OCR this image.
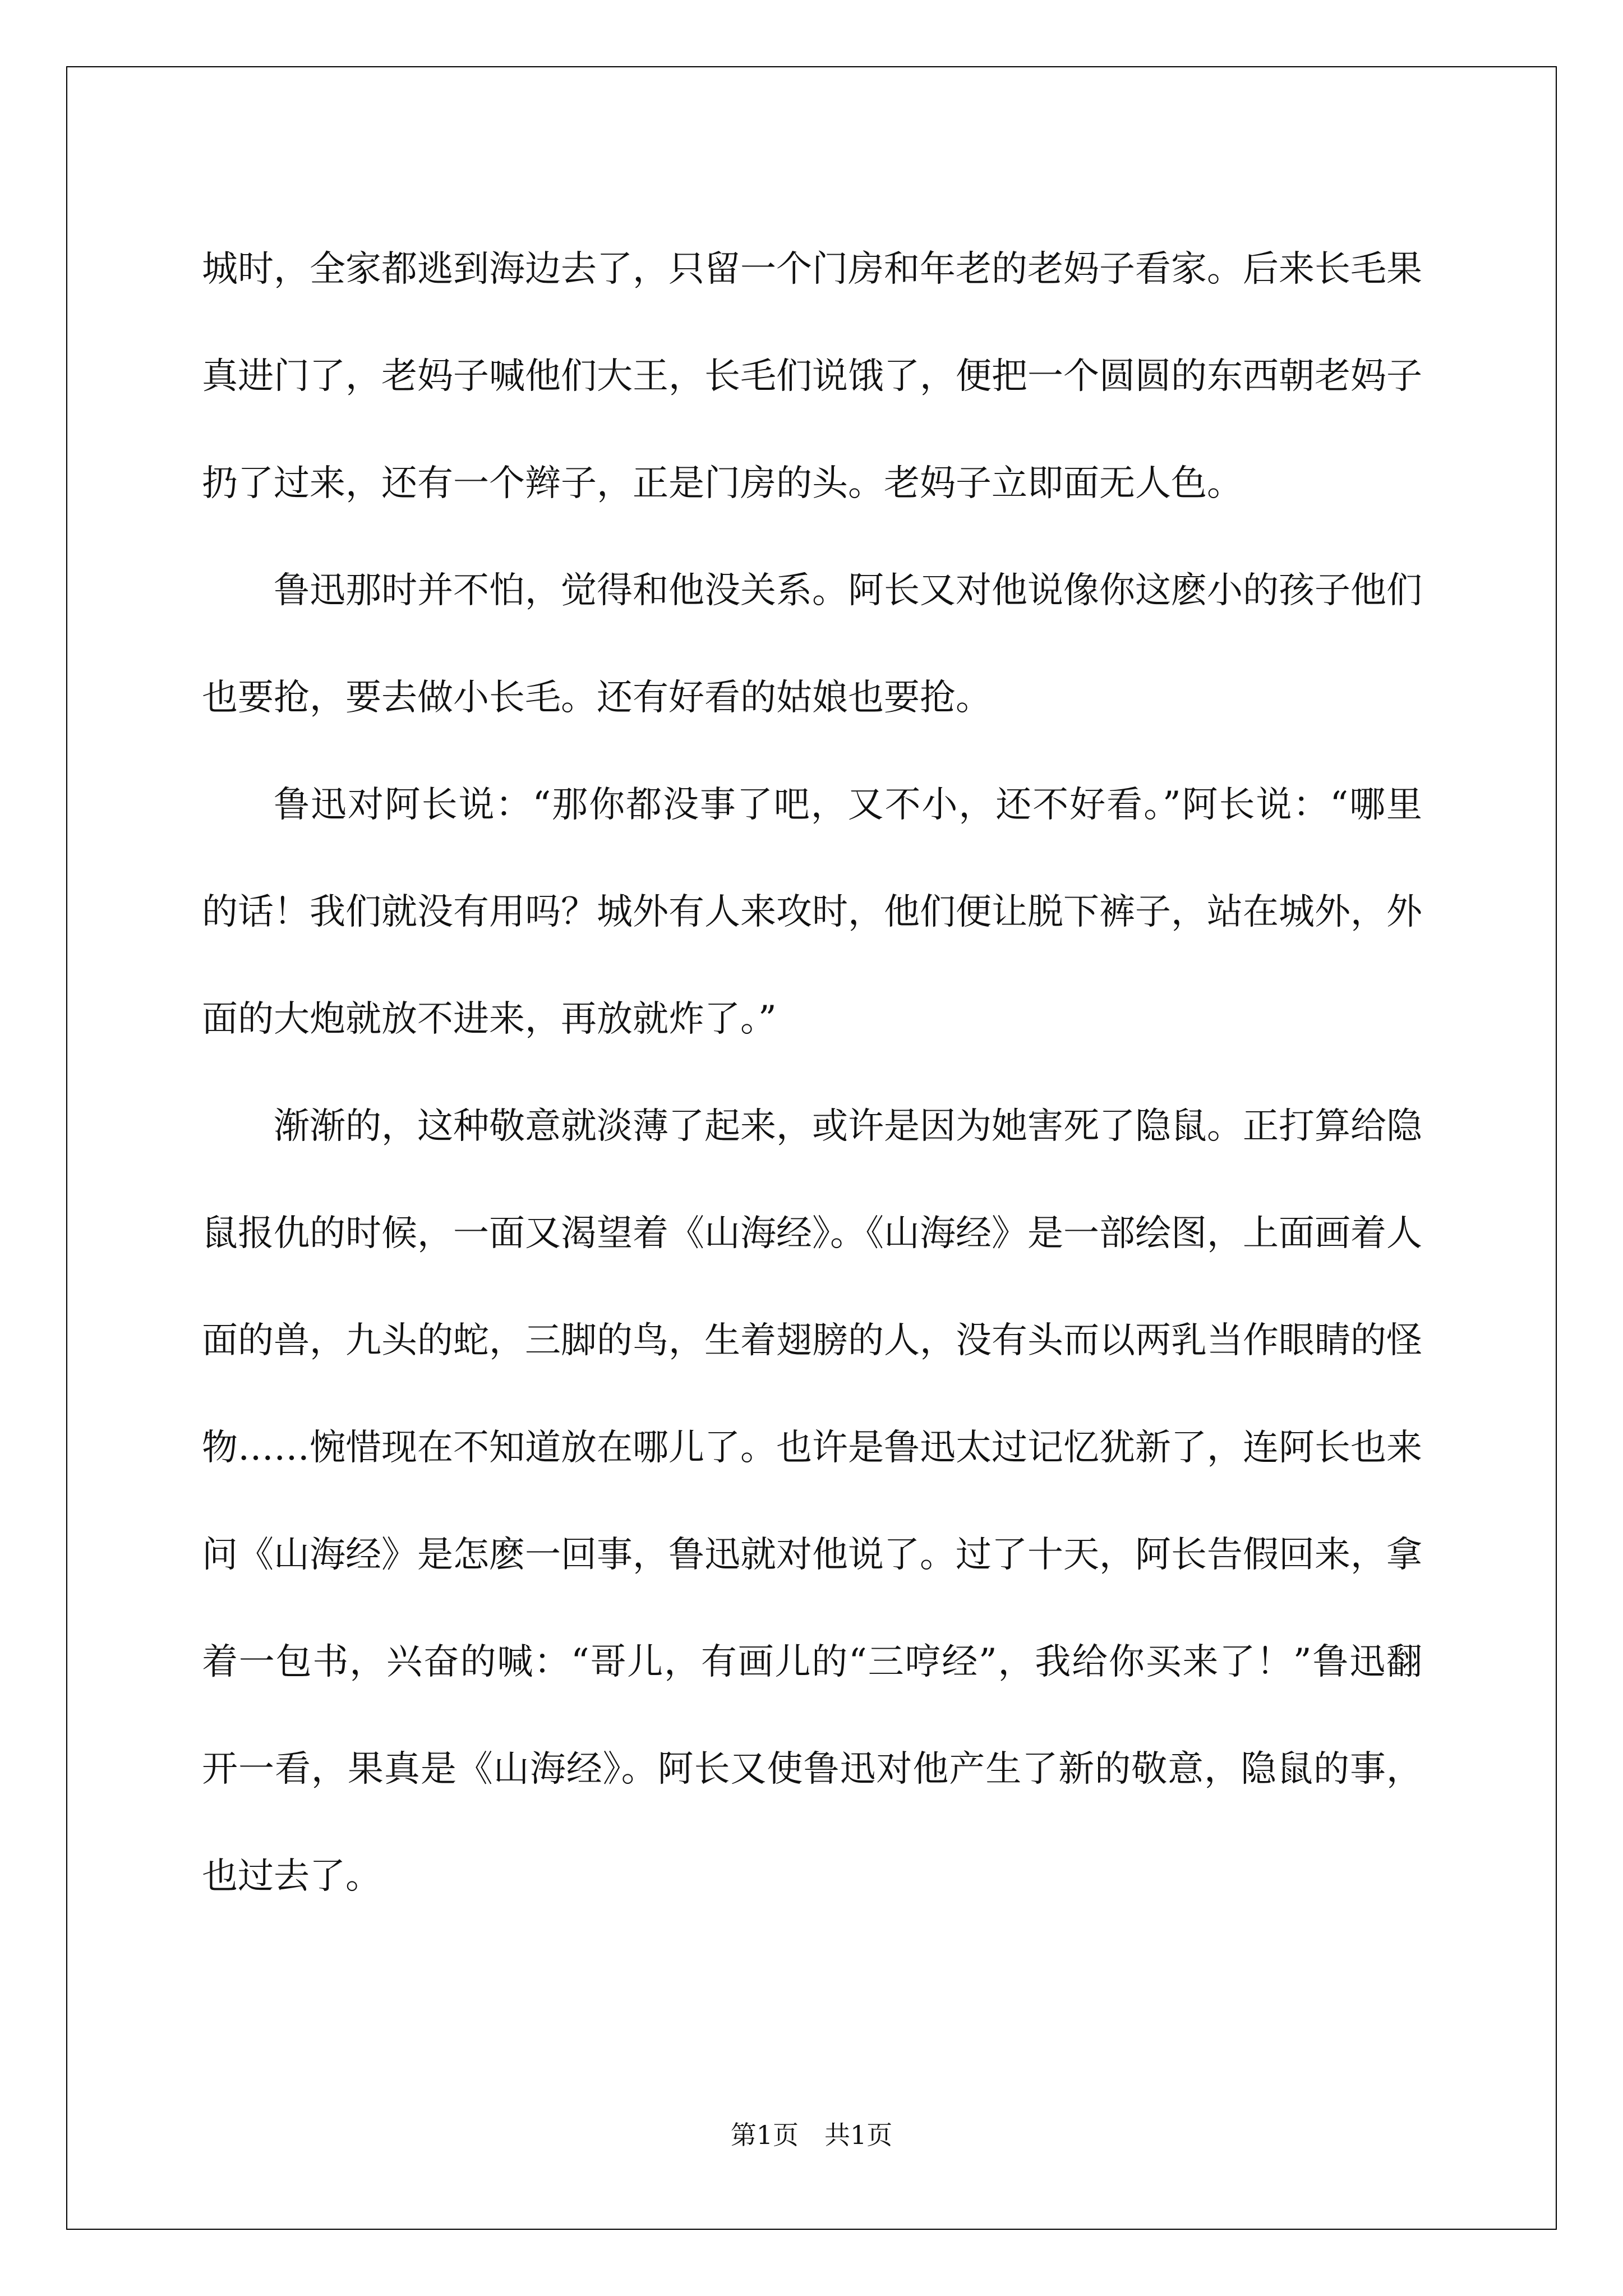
城时，全家都逃到海边去了，只留一个门房和年老的老妈子看家。后来长毛果真进门了，老妈子喊他们大王，长毛们说饿了，便把一个圆圆的东西朝老妈子扔了过来，还有一个辫子，正是门房的头。老妈子立即面无人色。

鲁迅那时并不怕，觉得和他没关系。阿长又对他说像你这麽小的孩子他们也要抢，要去做小长毛。还有好看的姑娘也要抢。

鲁迅对阿长说：“那你都没事了吧，又不小，还不好看。”阿长说：“哪里的话！我们就没有用吗？城外有人来攻时，他们便让脱下裤子，站在城外，外面的大炮就放不进来，再放就炸了。”

渐渐的，这种敬意就淡薄了起来，或许是因为她害死了隐鼠。正打算给隐鼠报仇的时候，一面又渴望着《山海经》。《山海经》是一部绘图，上面画着人面的兽，九头的蛇，三脚的鸟，生着翅膀的人，没有头而以两乳当作眼睛的怪物……惋惜现在不知道放在哪儿了。也许是鲁迅太过记忆犹新了，连阿长也来问《山海经》是怎麽一回事，鲁迅就对他说了。过了十天，阿长告假回来，拿着一包书，兴奋的喊：“哥儿，有画儿的“三哼经”，我给你买来了！”鲁迅翻开一看，果真是《山海经》。阿长又使鲁迅对他产生了新的敬意，隐鼠的事，也过去了。

第1页　共1页
